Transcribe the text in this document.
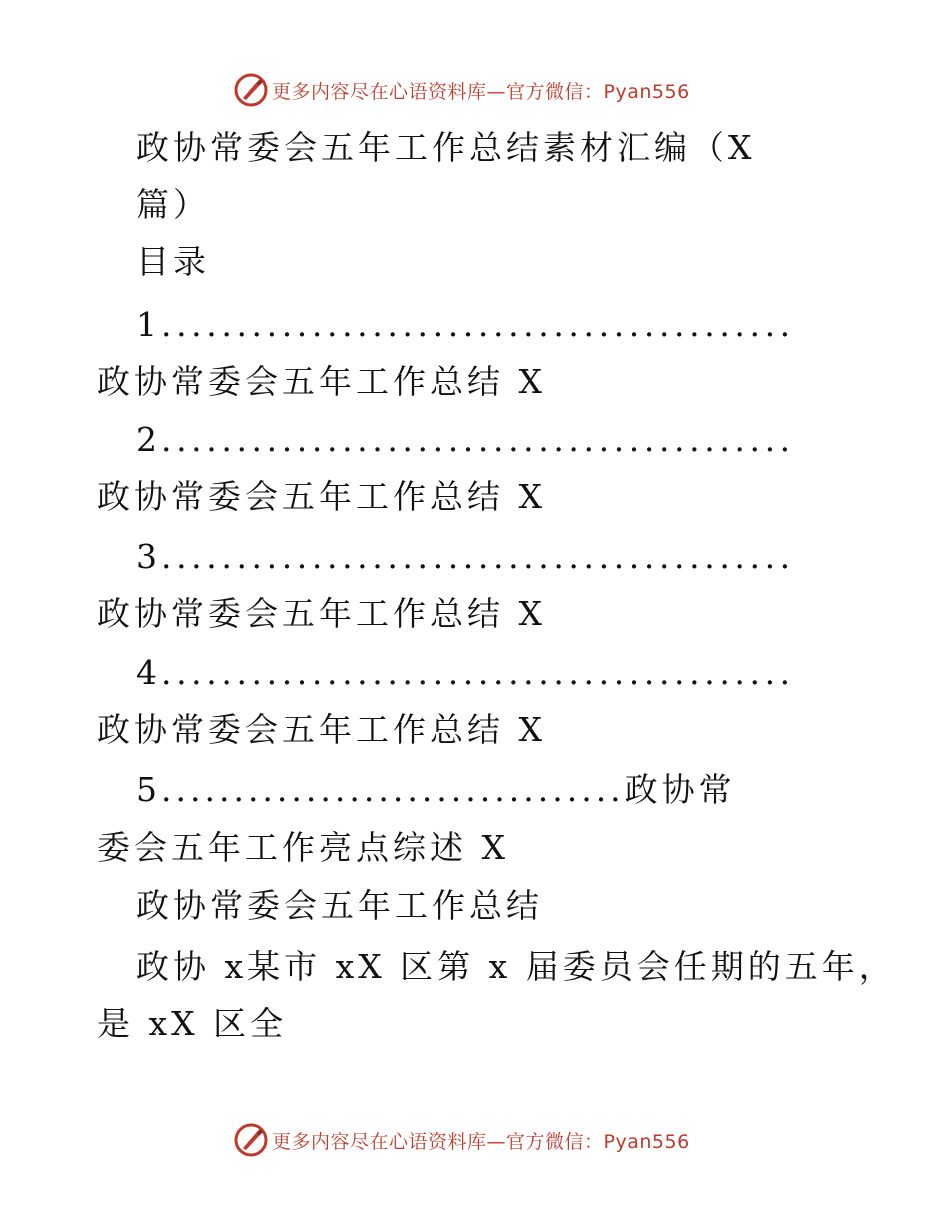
更多内容尽在心语资料库—官方微信：Pyan556
政协常委会五年工作总结素材汇编（X
篇）
目录
1..........................................
政协常委会五年工作总结 X
2..........................................
政协常委会五年工作总结 X
3..........................................
政协常委会五年工作总结 X
4..........................................
政协常委会五年工作总结 X
5................................政协常
委会五年工作亮点综述 X
政协常委会五年工作总结
政协 x某市 xX 区第 x 届委员会任期的五年，
是 xX 区全
更多内容尽在心语资料库—官方微信：Pyan556
